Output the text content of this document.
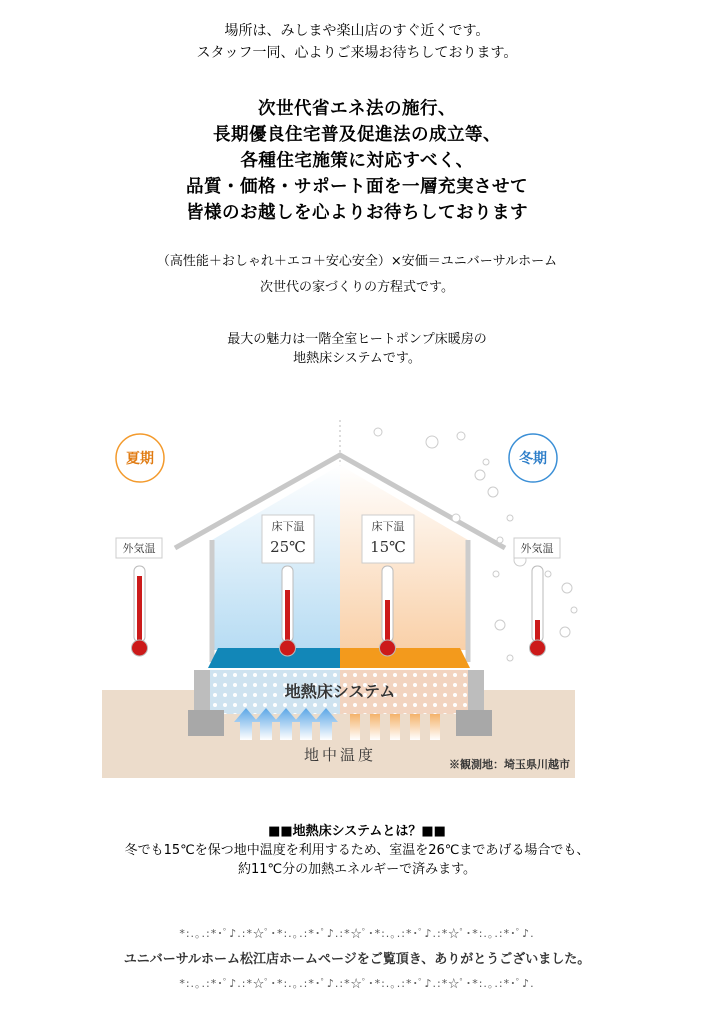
場所は、みしまや楽山店のすぐ近くです。
スタッフ一同、心よりご来場お待ちしております。
次世代省エネ法の施行、
長期優良住宅普及促進法の成立等、
各種住宅施策に対応すべく、
品質・価格・サポート面を一層充実させて
皆様のお越しを心よりお待ちしております
（高性能＋おしゃれ＋エコ＋安心安全）×安価＝ユニバーサルホーム
次世代の家づくりの方程式です。
最大の魅力は一階全室ヒートポンプ床暖房の
地熱床システムです。
地熱床システム
地中温度
※観測地：埼玉県川越市
夏期	冬期
外気温
床下温
25℃
床下温
15℃	外気温
■■地熱床システムとは？■■
冬でも15℃を保つ地中温度を利用するため、室温を26℃まであげる場合でも、
約11℃分の加熱エネルギーで済みます。
*:.｡.:*･ﾟ♪.:*☆ﾟ･*:.｡.:*･ﾟ♪.:*☆ﾟ･*:.｡.:*･ﾟ♪.:*☆ﾟ･*:.｡.:*･ﾟ♪.
ユニバーサルホーム松江店ホームページをご覧頂き、ありがとうございました。
*:.｡.:*･ﾟ♪.:*☆ﾟ･*:.｡.:*･ﾟ♪.:*☆ﾟ･*:.｡.:*･ﾟ♪.:*☆ﾟ･*:.｡.:*･ﾟ♪.
